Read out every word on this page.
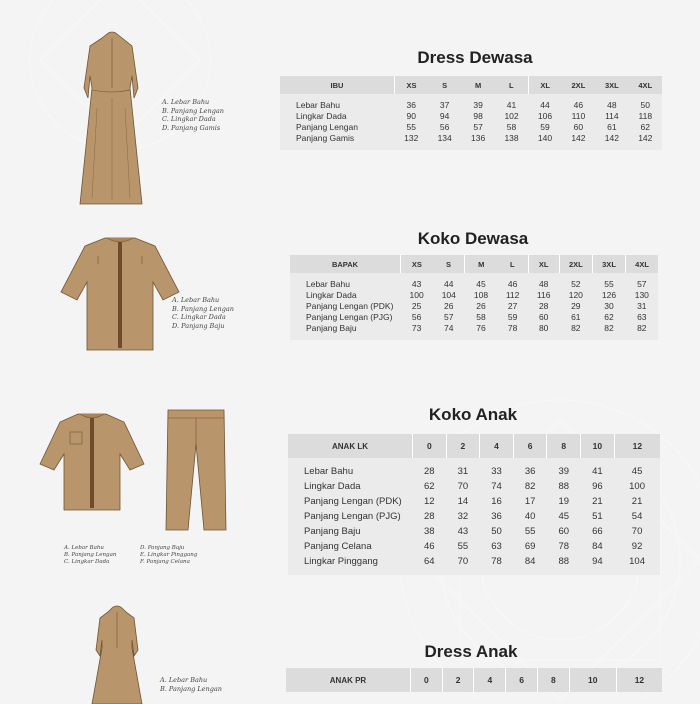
A. Lebar Bahu
B. Panjang Lengan
C. Lingkar Dada
D. Panjang Gamis
Dress Dewasa
IBU	XS	S	M	L	XL	2XL	3XL	4XL

Lebar Bahu	36	37	39	41	44	46	48	50
Lingkar Dada	90	94	98	102	106	110	114	118
Panjang Lengan	55	56	57	58	59	60	61	62
Panjang Gamis	132	134	136	138	140	142	142	142

A. Lebar Bahu
B. Panjang Lengan
C. Lingkar Dada
D. Panjang Baju
Koko Dewasa
BAPAK	XS	S	M	L	XL	2XL	3XL	4XL

Lebar Bahu	43	44	45	46	48	52	55	57
Lingkar Dada	100	104	108	112	116	120	126	130
Panjang Lengan (PDK)	25	26	26	27	28	29	30	31
Panjang Lengan (PJG)	56	57	58	59	60	61	62	63
Panjang Baju	73	74	76	78	80	82	82	82

A. Lebar Bahu
B. Panjang Lengan
C. Lingkar Dada
D. Panjang Baju
E. Lingkar Pinggang
F. Panjang Celana
Koko Anak
ANAK LK	0	2	4	6	8	10	12

Lebar Bahu	28	31	33	36	39	41	45
Lingkar Dada	62	70	74	82	88	96	100
Panjang Lengan (PDK)	12	14	16	17	19	21	21
Panjang Lengan (PJG)	28	32	36	40	45	51	54
Panjang Baju	38	43	50	55	60	66	70
Panjang Celana	46	55	63	69	78	84	92
Lingkar Pinggang	64	70	78	84	88	94	104

A. Lebar Bahu
B. Panjang Lengan
Dress Anak
ANAK PR	0	2	4	6	8	10	12
